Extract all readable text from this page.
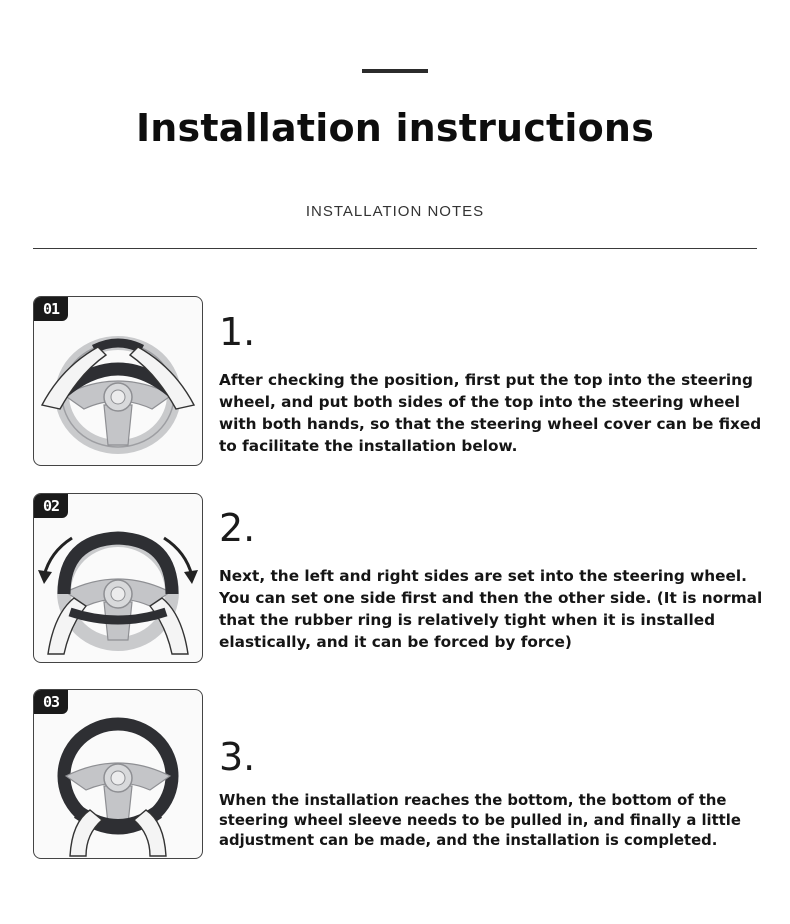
Installation instructions
INSTALLATION NOTES
01
1.
After checking the position, first put the top into the steering wheel, and put both sides of the top into the steering wheel with both hands, so that the steering wheel cover can be fixed to facilitate the installation below.
02	2.
Next, the left and right sides are set into the steering wheel. You can set one side first and then the other side. (It is normal that the rubber ring is relatively tight when it is installed elastically, and it can be forced by force)
03
3.
When the installation reaches the bottom, the bottom of the steering wheel sleeve needs to be pulled in, and finally a little adjustment can be made, and the installation is completed.
